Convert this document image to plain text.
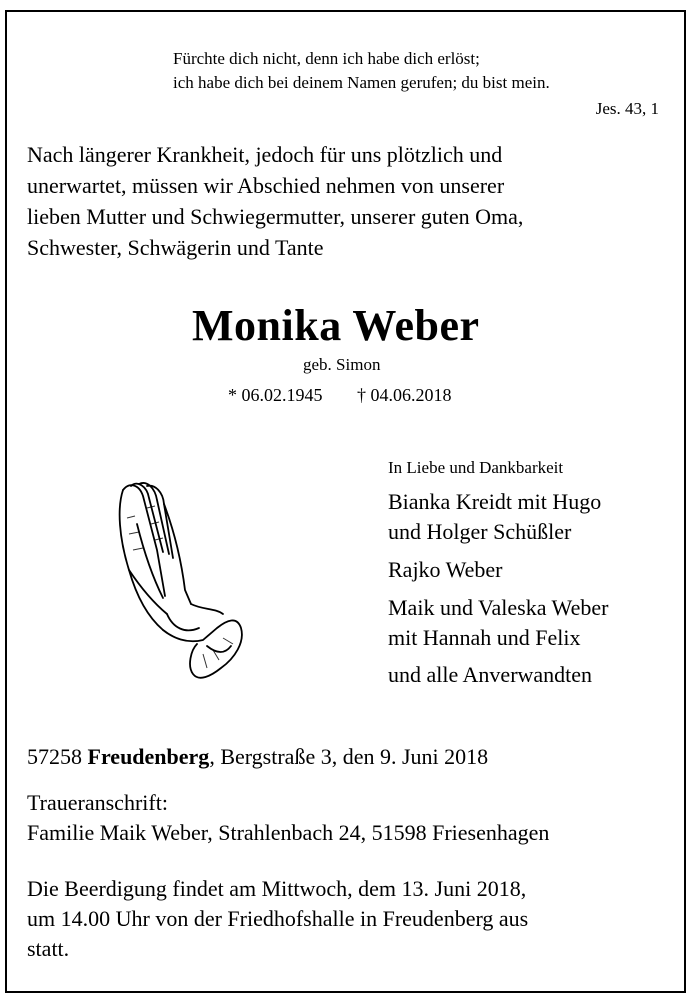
Fürchte dich nicht, denn ich habe dich erlöst;
ich habe dich bei deinem Namen gerufen; du bist mein.
Jes. 43, 1
Nach längerer Krankheit, jedoch für uns plötzlich und
unerwartet, müssen wir Abschied nehmen von unserer
lieben Mutter und Schwiegermutter, unserer guten Oma,
Schwester, Schwägerin und Tante
Monika Weber
geb. Simon
* 06.02.1945 † 04.06.2018
In Liebe und Dankbarkeit
Bianka Kreidt mit Hugo
und Holger Schüßler
Rajko Weber
Maik und Valeska Weber
mit Hannah und Felix
und alle Anverwandten
57258 Freudenberg, Bergstraße 3, den 9. Juni 2018
Traueranschrift:
Familie Maik Weber, Strahlenbach 24, 51598 Friesenhagen
Die Beerdigung findet am Mittwoch, dem 13. Juni 2018,
um 14.00 Uhr von der Friedhofshalle in Freudenberg aus
statt.
